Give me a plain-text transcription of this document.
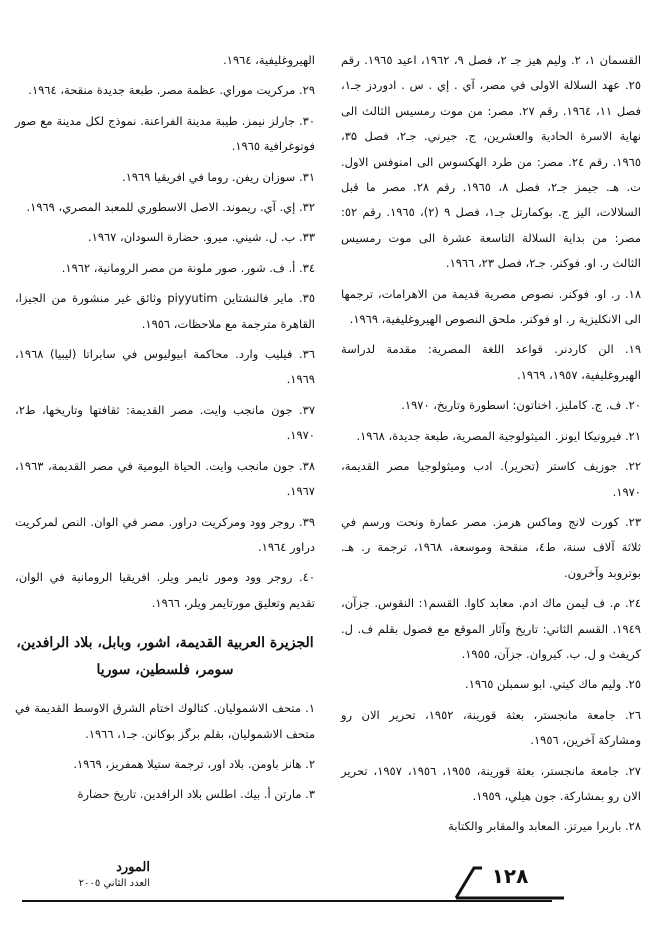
القسمان ۱، ۲. وليم هيز جـ ۲، فصل ۹، ۱۹٦۲، اعيد ۱۹٦٥. رقم ۲٥. عهد السلالة الاولى في مصر، آي . إي . س . ادوردز جـ۱، فصل ۱۱، ۱۹٦٤. رقم ۲۷. مصر: من موت رمسيس الثالث الى نهاية الاسرة الحادية والعشرين، ج. جيرني. جـ۲، فصل ۳۵، ۱۹٦٥. رقم ۲٤. مصر: من طرد الهكسوس الى امنوفس الاول. ت. هـ. جيمز جـ۲، فصل ۸، ۱۹٦٥. رقم ۲۸. مصر ما قبل السلالات، اليز ج. بوكمارتل جـ۱، فصل ۹ (۲)، ۱۹٦٥. رقم ٥۲: مصر: من بداية السلالة التاسعة عشرة الى موت رمسيس الثالث ر. او. فوكنر. جـ۲، فصل ۲۳، ۱۹٦٦.

۱۸. ر. او. فوكنر. نصوص مصرية قديمة من الاهرامات، ترجمها الى الانكليزية ر. او فوكنر. ملحق النصوص الهيروغليفية، ۱۹٦۹.

۱۹. الن كاردنر. قواعد اللغة المصرية: مقدمة لدراسة الهيروغليفية، ۱۹٥۷، ۱۹٦۹.

۲۰. ف. ج. كامليز. اخناتون: اسطورة وتاريخ، ۱۹۷۰.

۲۱. فيرونيكا ايونز. الميثولوجية المصرية، طبعة جديدة، ۱۹٦۸.

۲۲. جوزيف كاستر (تحرير). ادب وميثولوجيا مصر القديمة، ۱۹۷۰.

۲۳. كورت لانج وماكس هرمز. مصر عمارة ونحت ورسم في ثلاثة آلاف سنة، ط٤، منقحة وموسعة، ۱۹٦۸، ترجمة ر. هـ. بوتروبد وآخرون.

۲٤. م. ف ليمن ماك ادم. معابد كاوا. القسم۱: النقوس. جزآن، ۱۹٤۹. القسم الثاني: تاريخ وآثار الموقع مع فصول بقلم ف. ل. كريفث و ل. ب. كيروان. جزآن، ۱۹٥٥.

۲٥. وليم ماك كيتي. ابو سمبلن ۱۹٦٥.

۲٦. جامعة مانجستر، بعثة قورينة، ۱۹٥۲، تحرير الان رو ومشاركة آخرين، ۱۹٥٦.

۲۷. جامعة مانجستر، بعثة قورينة، ۱۹٥٥، ۱۹٥٦، ۱۹٥۷، تحرير الان رو بمشاركة. جون هيلي، ۱۹٥۹.

۲۸. باربرا ميرتز. المعابد والمقابر والكتابة

الهيروغليفية، ۱۹٦٤.

۲۹. مركريت موراي. عظمة مصر. طبعة جديدة منقحة، ۱۹٦٤.

۳۰. جارلز نيمز. طيبة مدينة الفراعنة. نموذج لكل مدينة مع صور فوتوغرافية ۱۹٦٥.

۳۱. سوزان ريفن. روما في افريقيا ۱۹٦۹.

۳۲. إي. آي. ريموند. الاصل الاسطوري للمعبد المصري، ۱۹٦۹.

۳۳. ب. ل. شيني. ميرو. حضارة السودان، ۱۹٦۷.

۳٤. أ. ف. شور. صور ملونة من مصر الرومانية، ۱۹٦۲.

۳٥. ماير فالنشتاين piyyutim وثائق غير منشورة من الجيزا، القاهرة مترجمة مع ملاحظات، ۱۹٥٦.

۳٦. فيليب وارد. محاكمة ابيوليوس في سابراتا (ليبيا) ۱۹٦۸، ۱۹٦۹.

۳۷. جون مانجب وايت. مصر القديمة: ثقافتها وتاريخها، ط۲، ۱۹۷۰.

۳۸. جون مانجب وايت. الحياة اليومية في مصر القديمة، ۱۹٦۳، ۱۹٦۷.

۳۹. روجر وود ومركريت دراور. مصر في الوان. النص لمركريت دراور ۱۹٦٤.

٤۰. روجر وود ومور تايمر ويلر. افريقيا الرومانية في الوان، تقديم وتعليق مورتايمر ويلر، ۱۹٦٦.

الجزيرة العربية القديمة، اشور، وبابل، بلاد الرافدين، سومر، فلسطين، سوريا

۱. متحف الاشموليان. كتالوك اختام الشرق الاوسط القديمة في متحف الاشموليان، بقلم برگز بوكانن. جـ۱، ۱۹٦٦.

۲. هانز باومن. بلاد اور، ترجمة ستيلا همفريز، ۱۹٦۹.

۳. مارتن أ. بيك. اطلس بلاد الرافدين. تاريخ حضارة

۱۲۸
المورد
العدد الثاني ۲۰۰٥
